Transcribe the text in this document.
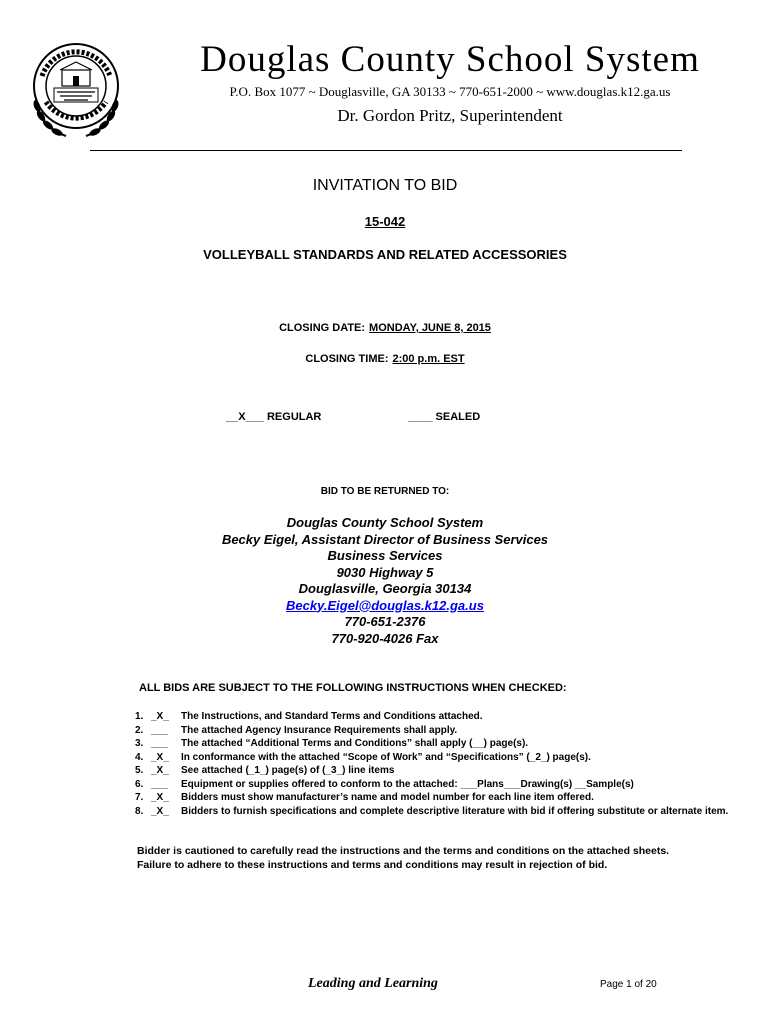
Douglas County School System
P.O. Box 1077 ~ Douglasville, GA 30133 ~ 770-651-2000 ~ www.douglas.k12.ga.us
Dr. Gordon Pritz, Superintendent
INVITATION TO BID
15-042
VOLLEYBALL STANDARDS AND RELATED ACCESSORIES
CLOSING DATE: MONDAY, JUNE 8, 2015
CLOSING TIME: 2:00 p.m. EST
__X___ REGULAR	____ SEALED
BID TO BE RETURNED TO:
Douglas County School System
Becky Eigel, Assistant Director of Business Services
Business Services
9030 Highway 5
Douglasville, Georgia 30134
Becky.Eigel@douglas.k12.ga.us
770-651-2376
770-920-4026 Fax
ALL BIDS ARE SUBJECT TO THE FOLLOWING INSTRUCTIONS WHEN CHECKED:
1. _X_	The Instructions, and Standard Terms and Conditions attached.
2. ___	The attached Agency Insurance Requirements shall apply.
3. ___	The attached “Additional Terms and Conditions” shall apply (__) page(s).
4. _X_	In conformance with the attached “Scope of Work” and “Specifications” (_2_) page(s).
5. _X_	See attached (_1_) page(s) of (_3_) line items
6. ___	Equipment or supplies offered to conform to the attached: ___Plans___Drawing(s) __Sample(s)
7. _X_	Bidders must show manufacturer’s name and model number for each line item offered.
8. _X_	Bidders to furnish specifications and complete descriptive literature with bid if offering substitute or alternate item.
Bidder is cautioned to carefully read the instructions and the terms and conditions on the attached sheets. Failure to adhere to these instructions and terms and conditions may result in rejection of bid.
Leading and Learning	Page 1 of 20
